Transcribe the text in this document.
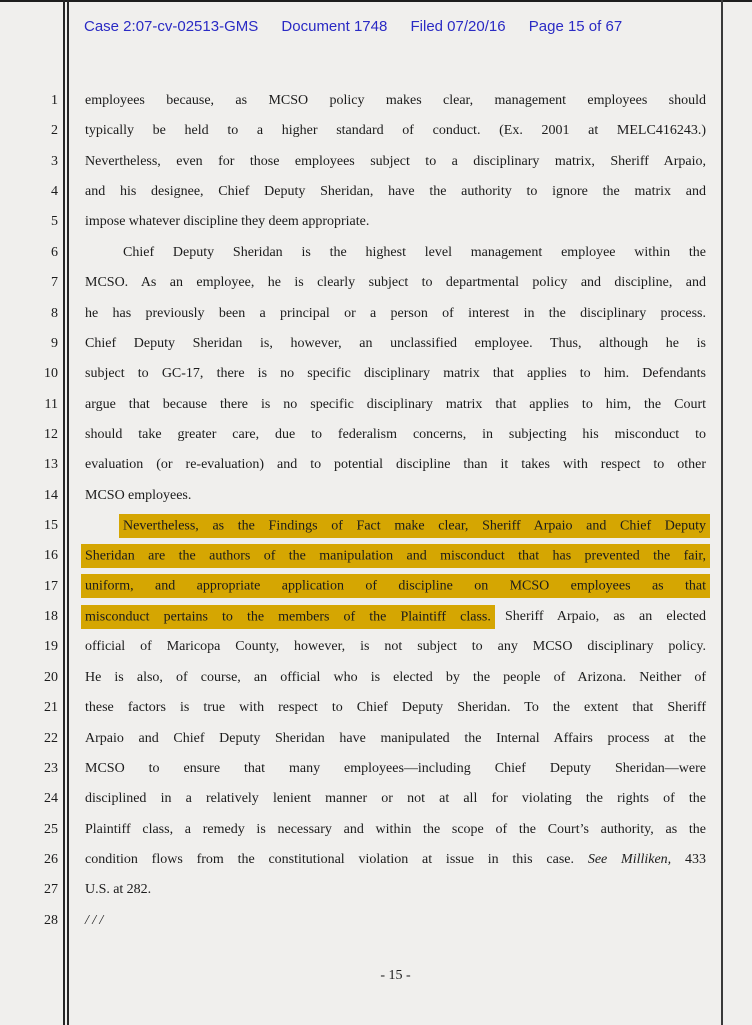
Case 2:07-cv-02513-GMS Document 1748 Filed 07/20/16 Page 15 of 67
1 employees because, as MCSO policy makes clear, management employees should
2 typically be held to a higher standard of conduct. (Ex. 2001 at MELC416243.)
3 Nevertheless, even for those employees subject to a disciplinary matrix, Sheriff Arpaio,
4 and his designee, Chief Deputy Sheridan, have the authority to ignore the matrix and
5 impose whatever discipline they deem appropriate.
6	Chief Deputy Sheridan is the highest level management employee within the
7 MCSO. As an employee, he is clearly subject to departmental policy and discipline, and
8 he has previously been a principal or a person of interest in the disciplinary process.
9 Chief Deputy Sheridan is, however, an unclassified employee. Thus, although he is
10 subject to GC-17, there is no specific disciplinary matrix that applies to him. Defendants
11 argue that because there is no specific disciplinary matrix that applies to him, the Court
12 should take greater care, due to federalism concerns, in subjecting his misconduct to
13 evaluation (or re-evaluation) and to potential discipline than it takes with respect to other
14 MCSO employees.
15	Nevertheless, as the Findings of Fact make clear, Sheriff Arpaio and Chief Deputy
16 Sheridan are the authors of the manipulation and misconduct that has prevented the fair,
17 uniform, and appropriate application of discipline on MCSO employees as that
18 misconduct pertains to the members of the Plaintiff class. Sheriff Arpaio, as an elected
19 official of Maricopa County, however, is not subject to any MCSO disciplinary policy.
20 He is also, of course, an official who is elected by the people of Arizona. Neither of
21 these factors is true with respect to Chief Deputy Sheridan. To the extent that Sheriff
22 Arpaio and Chief Deputy Sheridan have manipulated the Internal Affairs process at the
23 MCSO to ensure that many employees—including Chief Deputy Sheridan—were
24 disciplined in a relatively lenient manner or not at all for violating the rights of the
25 Plaintiff class, a remedy is necessary and within the scope of the Court’s authority, as the
26 condition flows from the constitutional violation at issue in this case. See Milliken, 433
27 U.S. at 282.
28 / / /
- 15 -
